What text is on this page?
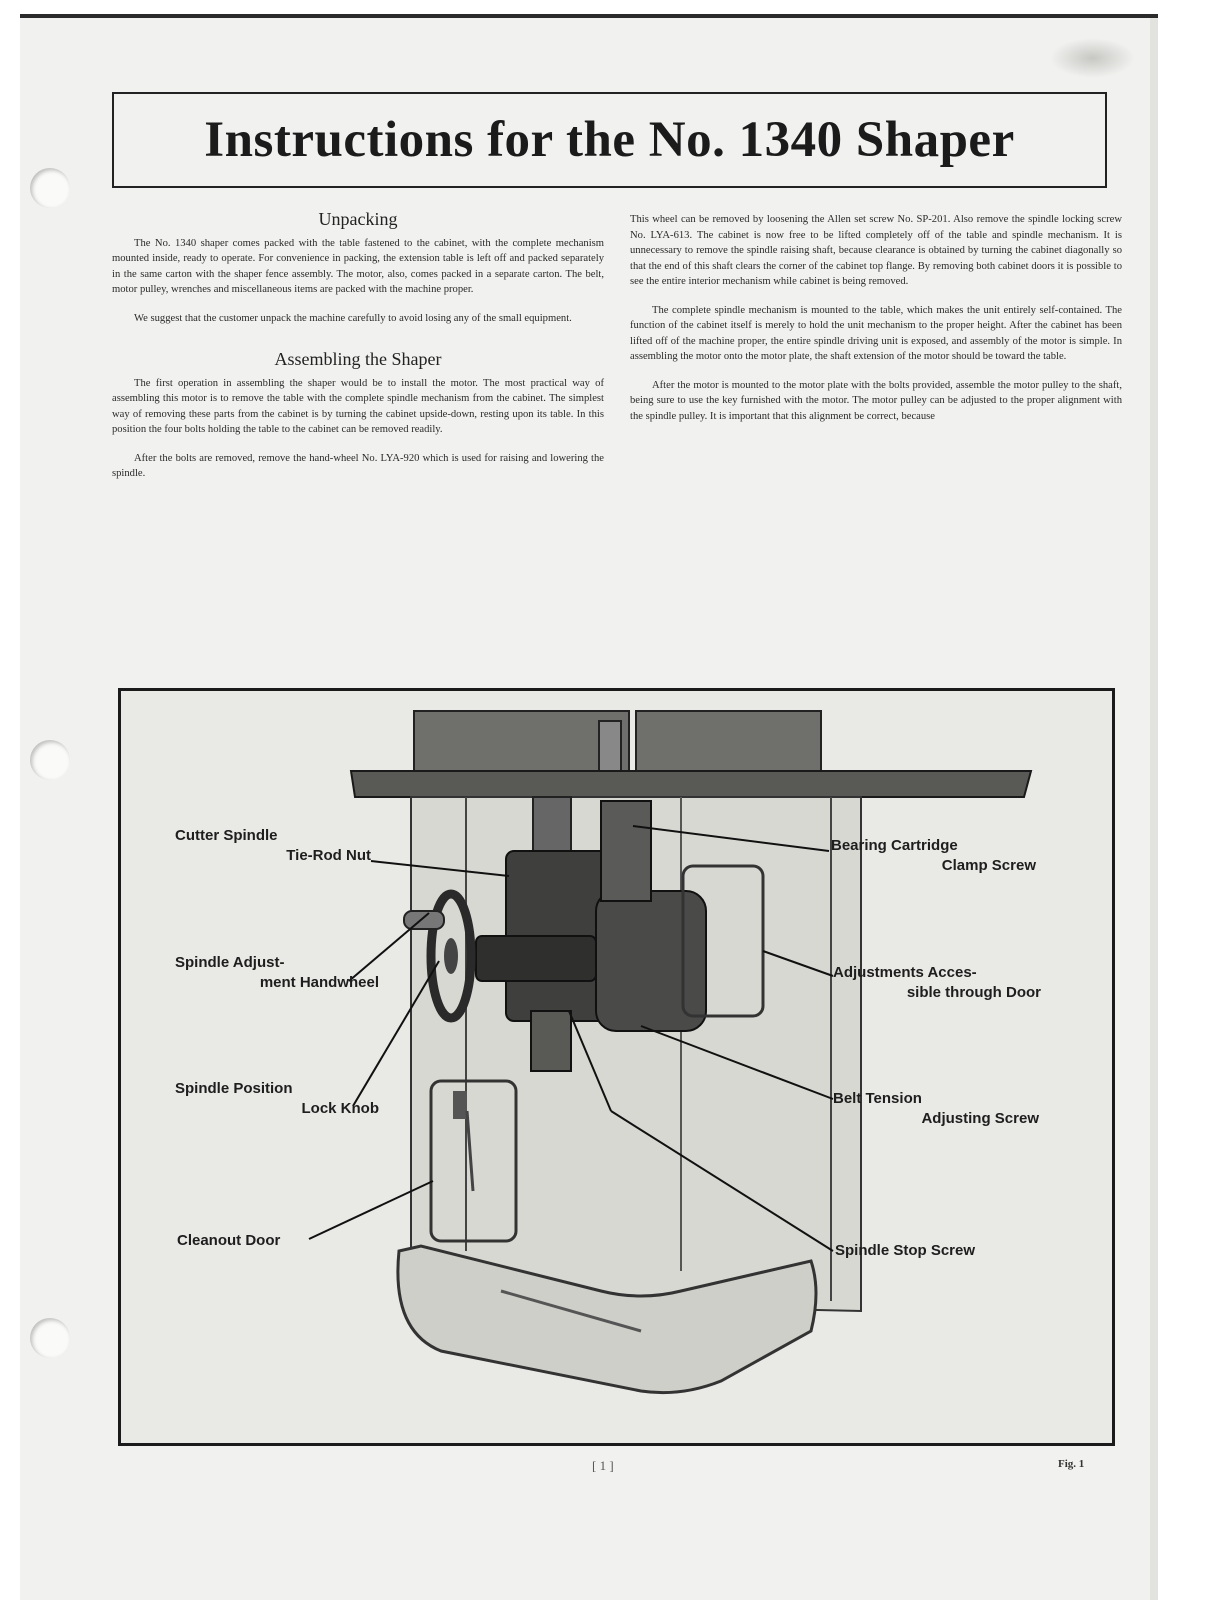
Instructions for the No. 1340 Shaper
Unpacking

The No. 1340 shaper comes packed with the table fastened to the cabinet, with the complete mechanism mounted inside, ready to operate. For convenience in packing, the extension table is left off and packed separately in the same carton with the shaper fence assembly. The motor, also, comes packed in a separate carton. The belt, motor pulley, wrenches and miscellaneous items are packed with the machine proper.

We suggest that the customer unpack the machine carefully to avoid losing any of the small equipment.

Assembling the Shaper

The first operation in assembling the shaper would be to install the motor. The most practical way of assembling this motor is to remove the table with the complete spindle mechanism from the cabinet. The simplest way of removing these parts from the cabinet is by turning the cabinet upside-down, resting upon its table. In this position the four bolts holding the table to the cabinet can be removed readily.

After the bolts are removed, remove the hand-wheel No. LYA-920 which is used for raising and lowering the spindle.

This wheel can be removed by loosening the Allen set screw No. SP-201. Also remove the spindle locking screw No. LYA-613. The cabinet is now free to be lifted completely off of the table and spindle mechanism. It is unnecessary to remove the spindle raising shaft, because clearance is obtained by turning the cabinet diagonally so that the end of this shaft clears the corner of the cabinet top flange. By removing both cabinet doors it is possible to see the entire interior mechanism while cabinet is being removed.

The complete spindle mechanism is mounted to the table, which makes the unit entirely self-contained. The function of the cabinet itself is merely to hold the unit mechanism to the proper height. After the cabinet has been lifted off of the machine proper, the entire spindle driving unit is exposed, and assembly of the motor is simple. In assembling the motor onto the motor plate, the shaft extension of the motor should be toward the table.

After the motor is mounted to the motor plate with the bolts provided, assemble the motor pulley to the shaft, being sure to use the key furnished with the motor. The motor pulley can be adjusted to the proper alignment with the spindle pulley. It is important that this alignment be correct, because

Cutter Spindle
Tie-Rod Nut
Spindle Adjust-
ment Handwheel
Spindle Position
Lock Knob
Cleanout Door
Bearing Cartridge
Clamp Screw
Adjustments Acces-
sible through Door
Belt Tension
Adjusting Screw
Spindle Stop Screw
[ 1 ]	Fig. 1
